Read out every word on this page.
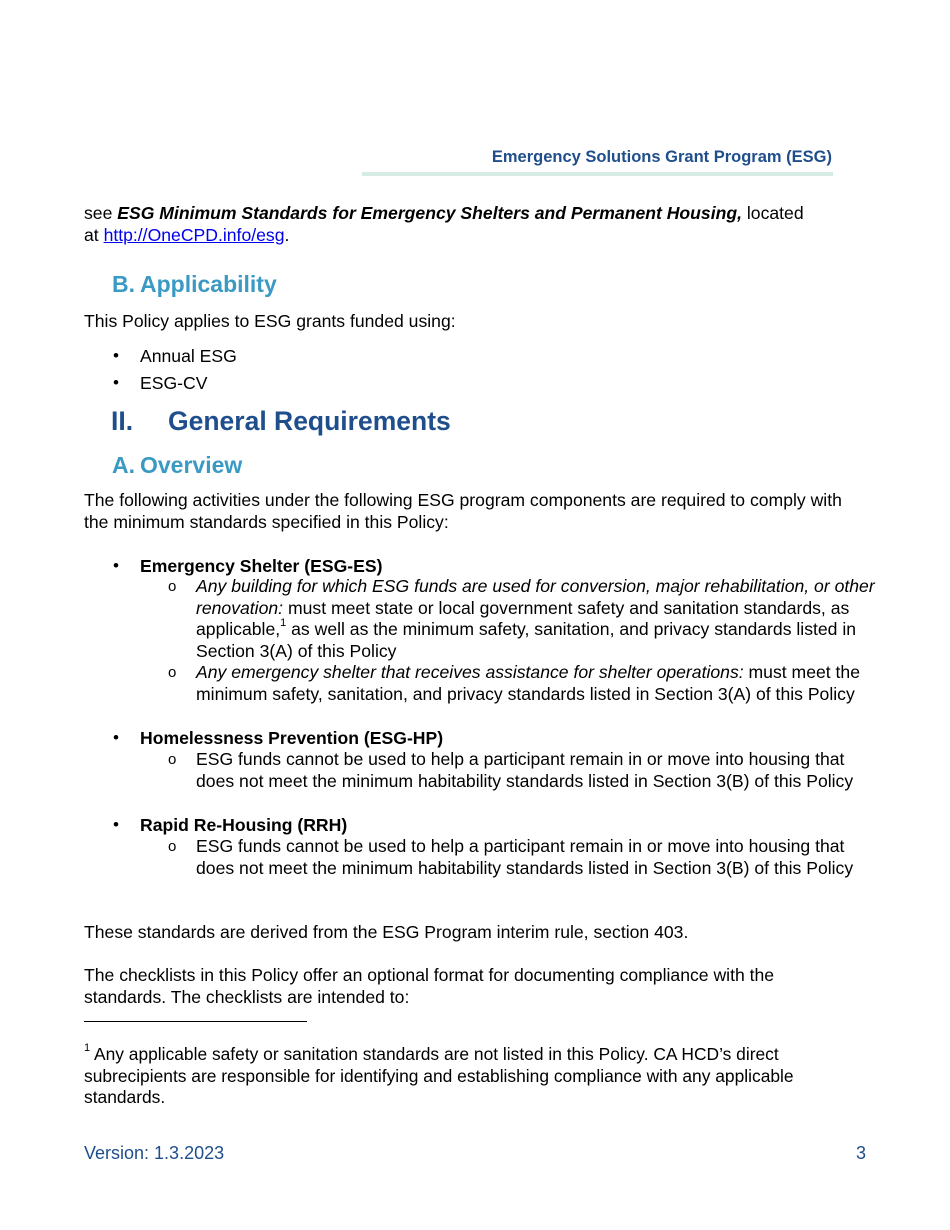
Emergency Solutions Grant Program (ESG)
see ESG Minimum Standards for Emergency Shelters and Permanent Housing, located
at http://OneCPD.info/esg.
B. Applicability
This Policy applies to ESG grants funded using:
• Annual ESG
• ESG-CV
II. General Requirements
A. Overview
The following activities under the following ESG program components are required to comply with the minimum standards specified in this Policy:
• Emergency Shelter (ESG-ES)
o Any building for which ESG funds are used for conversion, major rehabilitation, or other renovation: must meet state or local government safety and sanitation standards, as applicable,$^1$ as well as the minimum safety, sanitation, and privacy standards listed in Section 3(A) of this Policy
o Any emergency shelter that receives assistance for shelter operations: must meet the minimum safety, sanitation, and privacy standards listed in Section 3(A) of this Policy
• Homelessness Prevention (ESG-HP)
o ESG funds cannot be used to help a participant remain in or move into housing that does not meet the minimum habitability standards listed in Section 3(B) of this Policy
• Rapid Re-Housing (RRH)
o ESG funds cannot be used to help a participant remain in or move into housing that does not meet the minimum habitability standards listed in Section 3(B) of this Policy
These standards are derived from the ESG Program interim rule, section 403.
The checklists in this Policy offer an optional format for documenting compliance with the standards. The checklists are intended to:
$^1$ Any applicable safety or sanitation standards are not listed in this Policy. CA HCD’s direct subrecipients are responsible for identifying and establishing compliance with any applicable standards.
Version: 1.3.2023	3
